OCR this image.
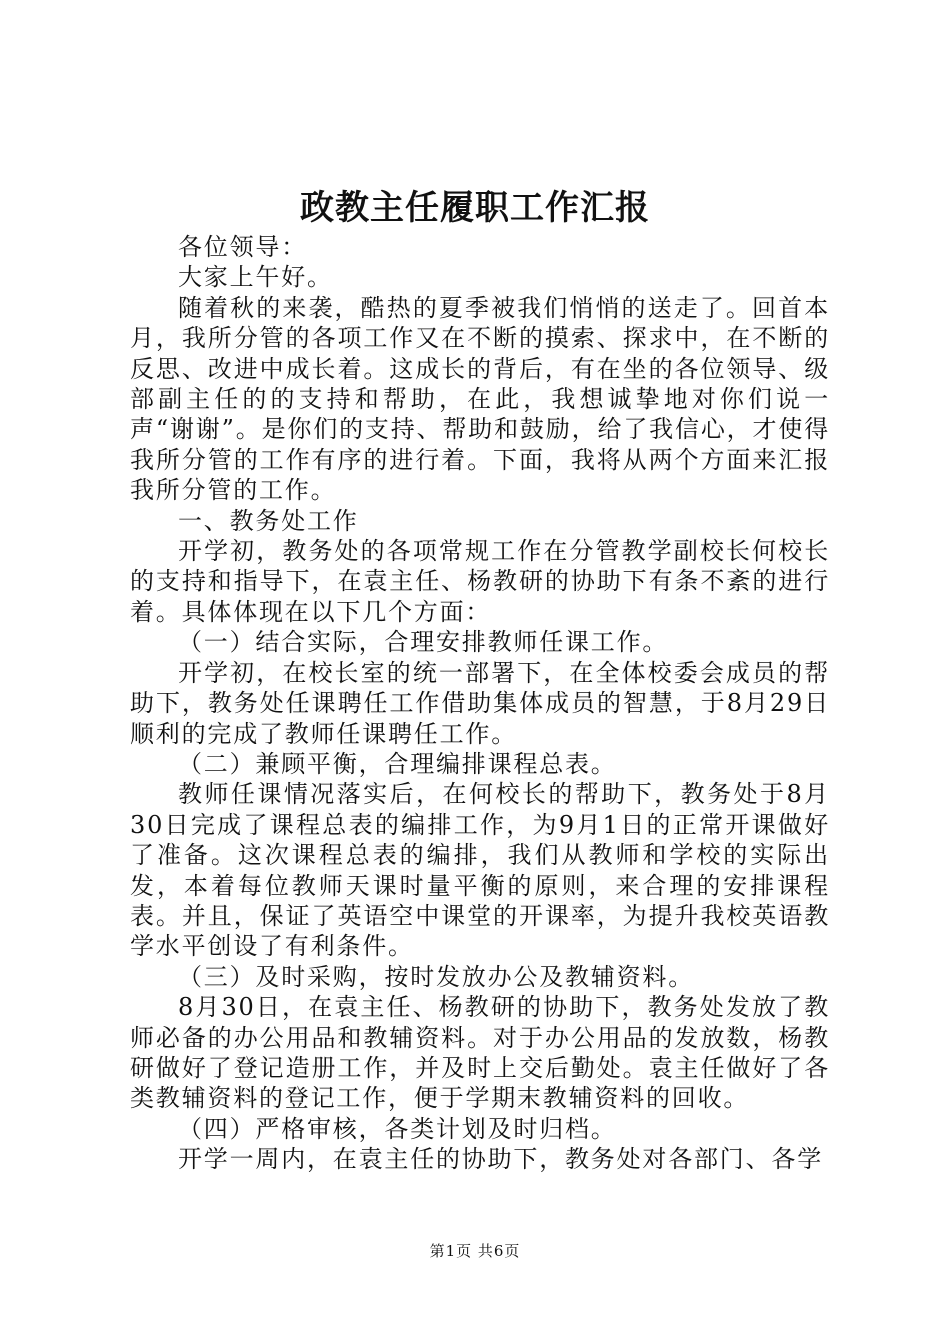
政教主任履职工作汇报

各位领导：

大家上午好。

随着秋的来袭，酷热的夏季被我们悄悄的送走了。回首本月，我所分管的各项工作又在不断的摸索、探求中，在不断的反思、改进中成长着。这成长的背后，有在坐的各位领导、级部副主任的的支持和帮助，在此，我想诚挚地对你们说一声“谢谢”。是你们的支持、帮助和鼓励，给了我信心，才使得我所分管的工作有序的进行着。下面，我将从两个方面来汇报我所分管的工作。

一、教务处工作

开学初，教务处的各项常规工作在分管教学副校长何校长的支持和指导下，在袁主任、杨教研的协助下有条不紊的进行着。具体体现在以下几个方面：

（一）结合实际，合理安排教师任课工作。

开学初，在校长室的统一部署下，在全体校委会成员的帮助下，教务处任课聘任工作借助集体成员的智慧，于8月29日顺利的完成了教师任课聘任工作。

（二）兼顾平衡，合理编排课程总表。

教师任课情况落实后，在何校长的帮助下，教务处于8月30日完成了课程总表的编排工作，为9月1日的正常开课做好了准备。这次课程总表的编排，我们从教师和学校的实际出发，本着每位教师天课时量平衡的原则，来合理的安排课程表。并且，保证了英语空中课堂的开课率，为提升我校英语教学水平创设了有利条件。

（三）及时采购，按时发放办公及教辅资料。

8月30日，在袁主任、杨教研的协助下，教务处发放了教师必备的办公用品和教辅资料。对于办公用品的发放数，杨教研做好了登记造册工作，并及时上交后勤处。袁主任做好了各类教辅资料的登记工作，便于学期末教辅资料的回收。

（四）严格审核，各类计划及时归档。

开学一周内，在袁主任的协助下，教务处对各部门、各学

第1页 共6页
